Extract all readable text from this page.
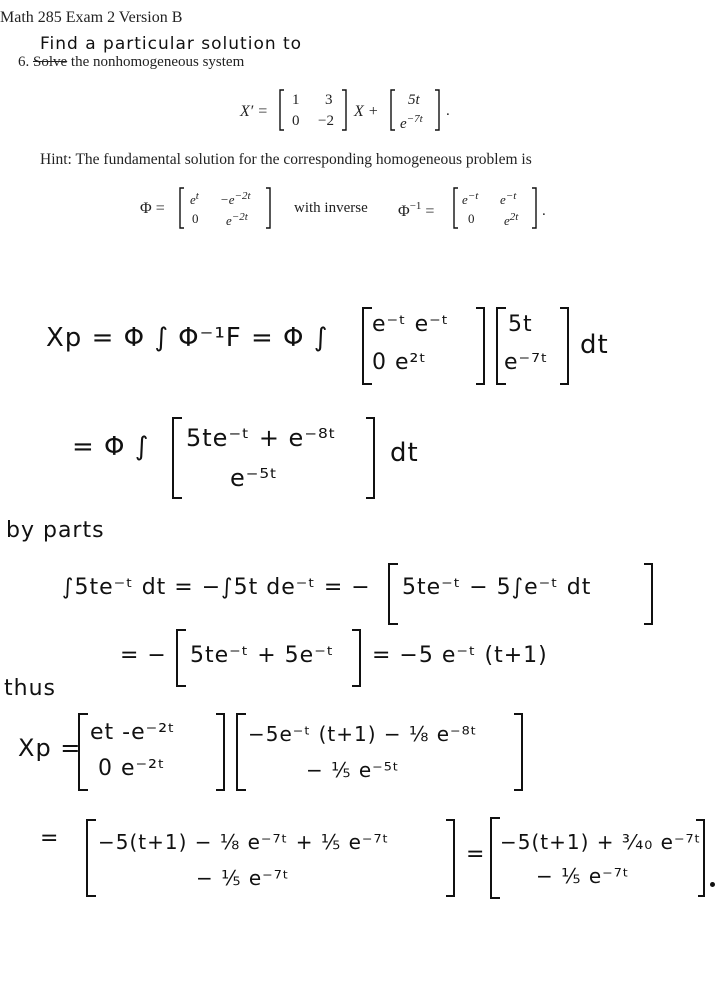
Math 285 Exam 2 Version B
Find a particular solution to
6. Solve the nonhomogeneous system
X′ =
1 3
0 −2
X +
5t
$e^{-7t}$ .
Hint: The fundamental solution for the corresponding homogeneous problem is
Φ =
$e^t -e^{-2t}$
0 $e^{-2t}$
with inverse $\Phi^{-1}$ =
$e^{-t}$ $e^{-t}$
0 $e^{2t}$ .
Xp = Φ ∫ Φ⁻¹F = Φ ∫ e⁻ᵗ e⁻ᵗ
0 e²ᵗ
5t
e⁻⁷ᵗ
dt
= Φ ∫ 5te⁻ᵗ + e⁻⁸ᵗ
e⁻⁵ᵗ
dt
by parts
∫5te⁻ᵗ dt = −∫5t de⁻ᵗ = − 5te⁻ᵗ − 5∫e⁻ᵗ dt
= − 5te⁻ᵗ + 5e⁻ᵗ = −5 e⁻ᵗ (t+1)
thus
Xp =
et -e⁻²ᵗ
0 e⁻²ᵗ
−5e⁻ᵗ (t+1) − ⅛ e⁻⁸ᵗ
− ⅕ e⁻⁵ᵗ
= −5(t+1) − ⅛ e⁻⁷ᵗ + ⅕ e⁻⁷ᵗ
− ⅕ e⁻⁷ᵗ
= −5(t+1) + ³⁄₄₀ e⁻⁷ᵗ
− ⅕ e⁻⁷ᵗ
